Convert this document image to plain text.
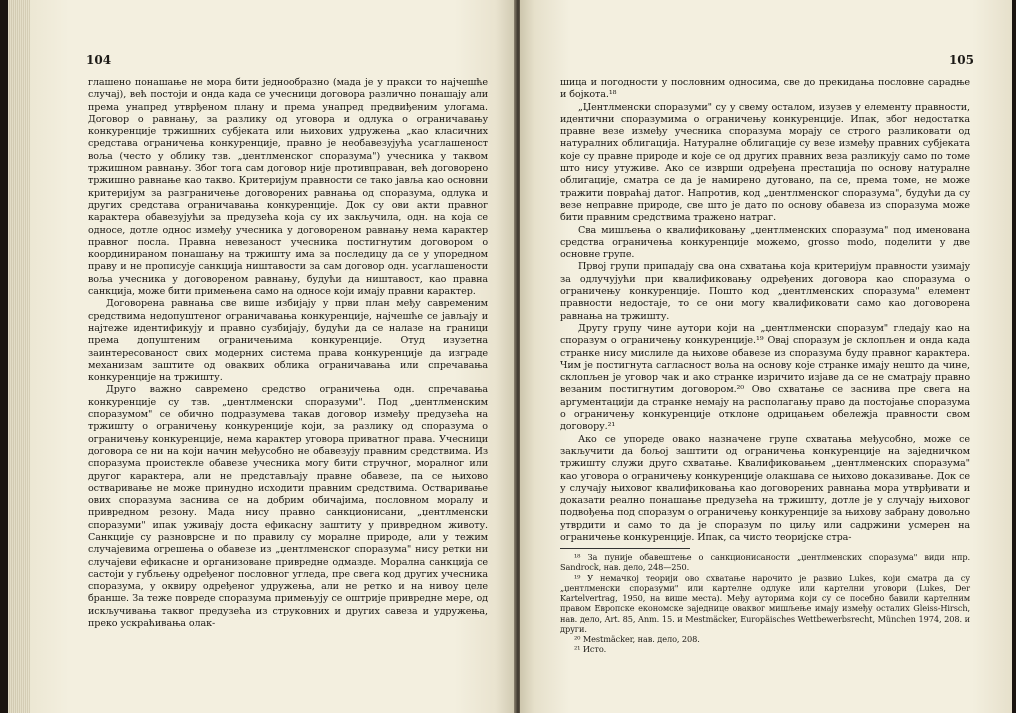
104

глашено понашање не мора бити једнообразно (мада је у пракси то најчешће случај), већ постоји и онда када се учесници договора различно понашају али према унапред утврђеном плану и према унапред предвиђеним улогама. Договор о равнању, за разлику од уговора и одлука о ограничавању конкуренције тржишних субјеката или њихових удружења „као класичних средстава ограничења конкуренције, правно је необавезујућа усаглашеност воља (често у облику тзв. „џентлменског споразума") учесника у таквом тржишном равнању. Због тога сам договор није противправан, већ договорено тржишно равнање као такво. Критеријум правности се тако јавља као основни критеријум за разграничење договорених равнања од споразума, одлука и других средстава ограничавања конкуренције. Док су ови акти правног карактера обавезујући за предузећа која су их закључила, одн. на која се односе, дотле однос између учесника у договореном равнању нема карактер правног посла. Правна невезаност учесника постигнутим договором о координираном понашању на тржишту има за последицу да се у упоредном праву и не прописује санкција ништавости за сам договор одн. усаглашености воља учесника у договореном равнању, будући да ништавост, као правна санкција, може бити примењена само на односе који имају правни карактер.

Договорена равнања све више избијају у први план међу савременим средствима недопуштеног ограничавања конкуренције, најчешће се јављају и најтеже идентификују и правно сузбијају, будући да се налазе на граници према допуштеним ограничењима конкуренције. Отуд изузетна заинтересованост свих модерних система права конкуренције да изграде механизам заштите од оваквих облика ограничавања или спречавања конкуренције на тржишту.

Друго важно савремено средство ограничења одн. спречавања конкуренције су тзв. „џентлменски споразуми". Под „џентлменским споразумом" се обично подразумева такав договор између предузећа на тржишту о ограничењу конкуренције који, за разлику од споразума о ограничењу конкуренције, нема карактер уговора приватног права. Учесници договора се ни на који начин међусобно не обавезују правним средствима. Из споразума проистекле обавезе учесника могу бити стручног, моралног или другог карактера, али не представљају правне обавезе, па се њихово остваривање не може принудно исходити правним средствима. Остваривање ових споразума заснива се на добрим обичајима, пословном моралу и привредном резону. Мада нису правно санкционисани, „џентлменски споразуми" ипак уживају доста ефикасну заштиту у привредном животу. Санкције су разноврсне и по правилу су моралне природе, али у тежим случајевима огрешења о обавезе из „џентлменског споразума" нису ретки ни случајеви ефикасне и организоване привредне одмазде. Морална санкција се састоји у губљењу одређеног пословног угледа, пре свега код других учесника споразума, у оквиру одређеног удружења, али не ретко и на нивоу целе бранше. За теже повреде споразума примењују се оштрије привредне мере, од искључивања таквог предузећа из струковних и других савеза и удружења, преко ускраћивања олак-

105

шица и погодности у пословним односима, све до прекидања пословне сарадње и бојкота.¹⁸

„Џентлменски споразуми" су у свему осталом, изузев у елементу правности, идентични споразумима о ограничењу конкуренције. Ипак, због недостатка правне везе између учесника споразума морају се строго разликовати од натуралних облигација. Натуралне облигације су везе између правних субјеката које су правне природе и које се од других правних веза разликују само по томе што нису утуживе. Ако се изврши одређена престација по основу натуралне облигације, сматра се да је намирено дуговано, па се, према томе, не може тражити повраћај датог. Напротив, код „џентлменског споразума", будући да су везе неправне природе, све што је дато по основу обавеза из споразума може бити правним средствима тражено натраг.

Сва мишљења о квалификовању „џентлменских споразума" под именована средства ограничења конкуренције можемо, grosso modo, поделити у две основне групе.

Првој групи припадају сва она схватања која критеријум правности узимају за одлучујући при квалификовању одређених договора као споразума о ограничењу конкуренције. Пошто код „џентлменских споразума" елемент правности недостаје, то се они могу квалификовати само као договорена равнања на тржишту.

Другу групу чине аутори који на „џентлменски споразум" гледају као на споразум о ограничењу конкуренције.¹⁹ Овај споразум је склопљен и онда када странке нису мислиле да њихове обавезе из споразума буду правног карактера. Чим је постигнута сагласност воља на основу које странке имају нешто да чине, склопљен је уговор чак и ако странке изричито изјаве да се не сматрају правно везаним постигнутим договором.²⁰ Ово схватање се заснива пре свега на аргументацији да странке немају на располагању право да постојање споразума о ограничењу конкуренције отклоне одрицањем обележја правности свом договору.²¹

Ако се упореде овако назначене групе схватања међусобно, може се закључити да бољој заштити од ограничења конкуренције на заједничком тржишту служи друго схватање. Квалификовањем „џентлменских споразума" као уговора о ограничењу конкуренције олакшава се њихово доказивање. Док се у случају њиховог квалификовања као договорених равнања мора утврђивати и доказати реално понашање предузећа на тржишту, дотле је у случају њиховог подвођења под споразум о ограничењу конкуренције за њихову забрану довољно утврдити и само то да је споразум по циљу или садржини усмерен на ограничење конкуренције. Ипак, са чисто теоријске стра-

¹⁸ За пуније обавештење о санкционисаности „џентлменских споразума" види нпр. Sandrock, нав. дело, 248—250.

¹⁹ У немачкој теорији ово схватање нарочито је развио Lukes, који сматра да су „џентлменски споразуми" или картелне одлуке или картелни уговори (Lukes, Der Kartelvertrag, 1950, на више места). Међу ауторима који су се посебно бавили картелним правом Европске економске заједнице оваквог мишљење имају између осталих Gleiss-Hirsch, нав. дело, Art. 85, Anm. 15. и Mestmäcker, Europäisches Wettbewerbsrecht, München 1974, 208. и други.

²⁰ Mestmäcker, нав. дело, 208.

²¹ Исто.
